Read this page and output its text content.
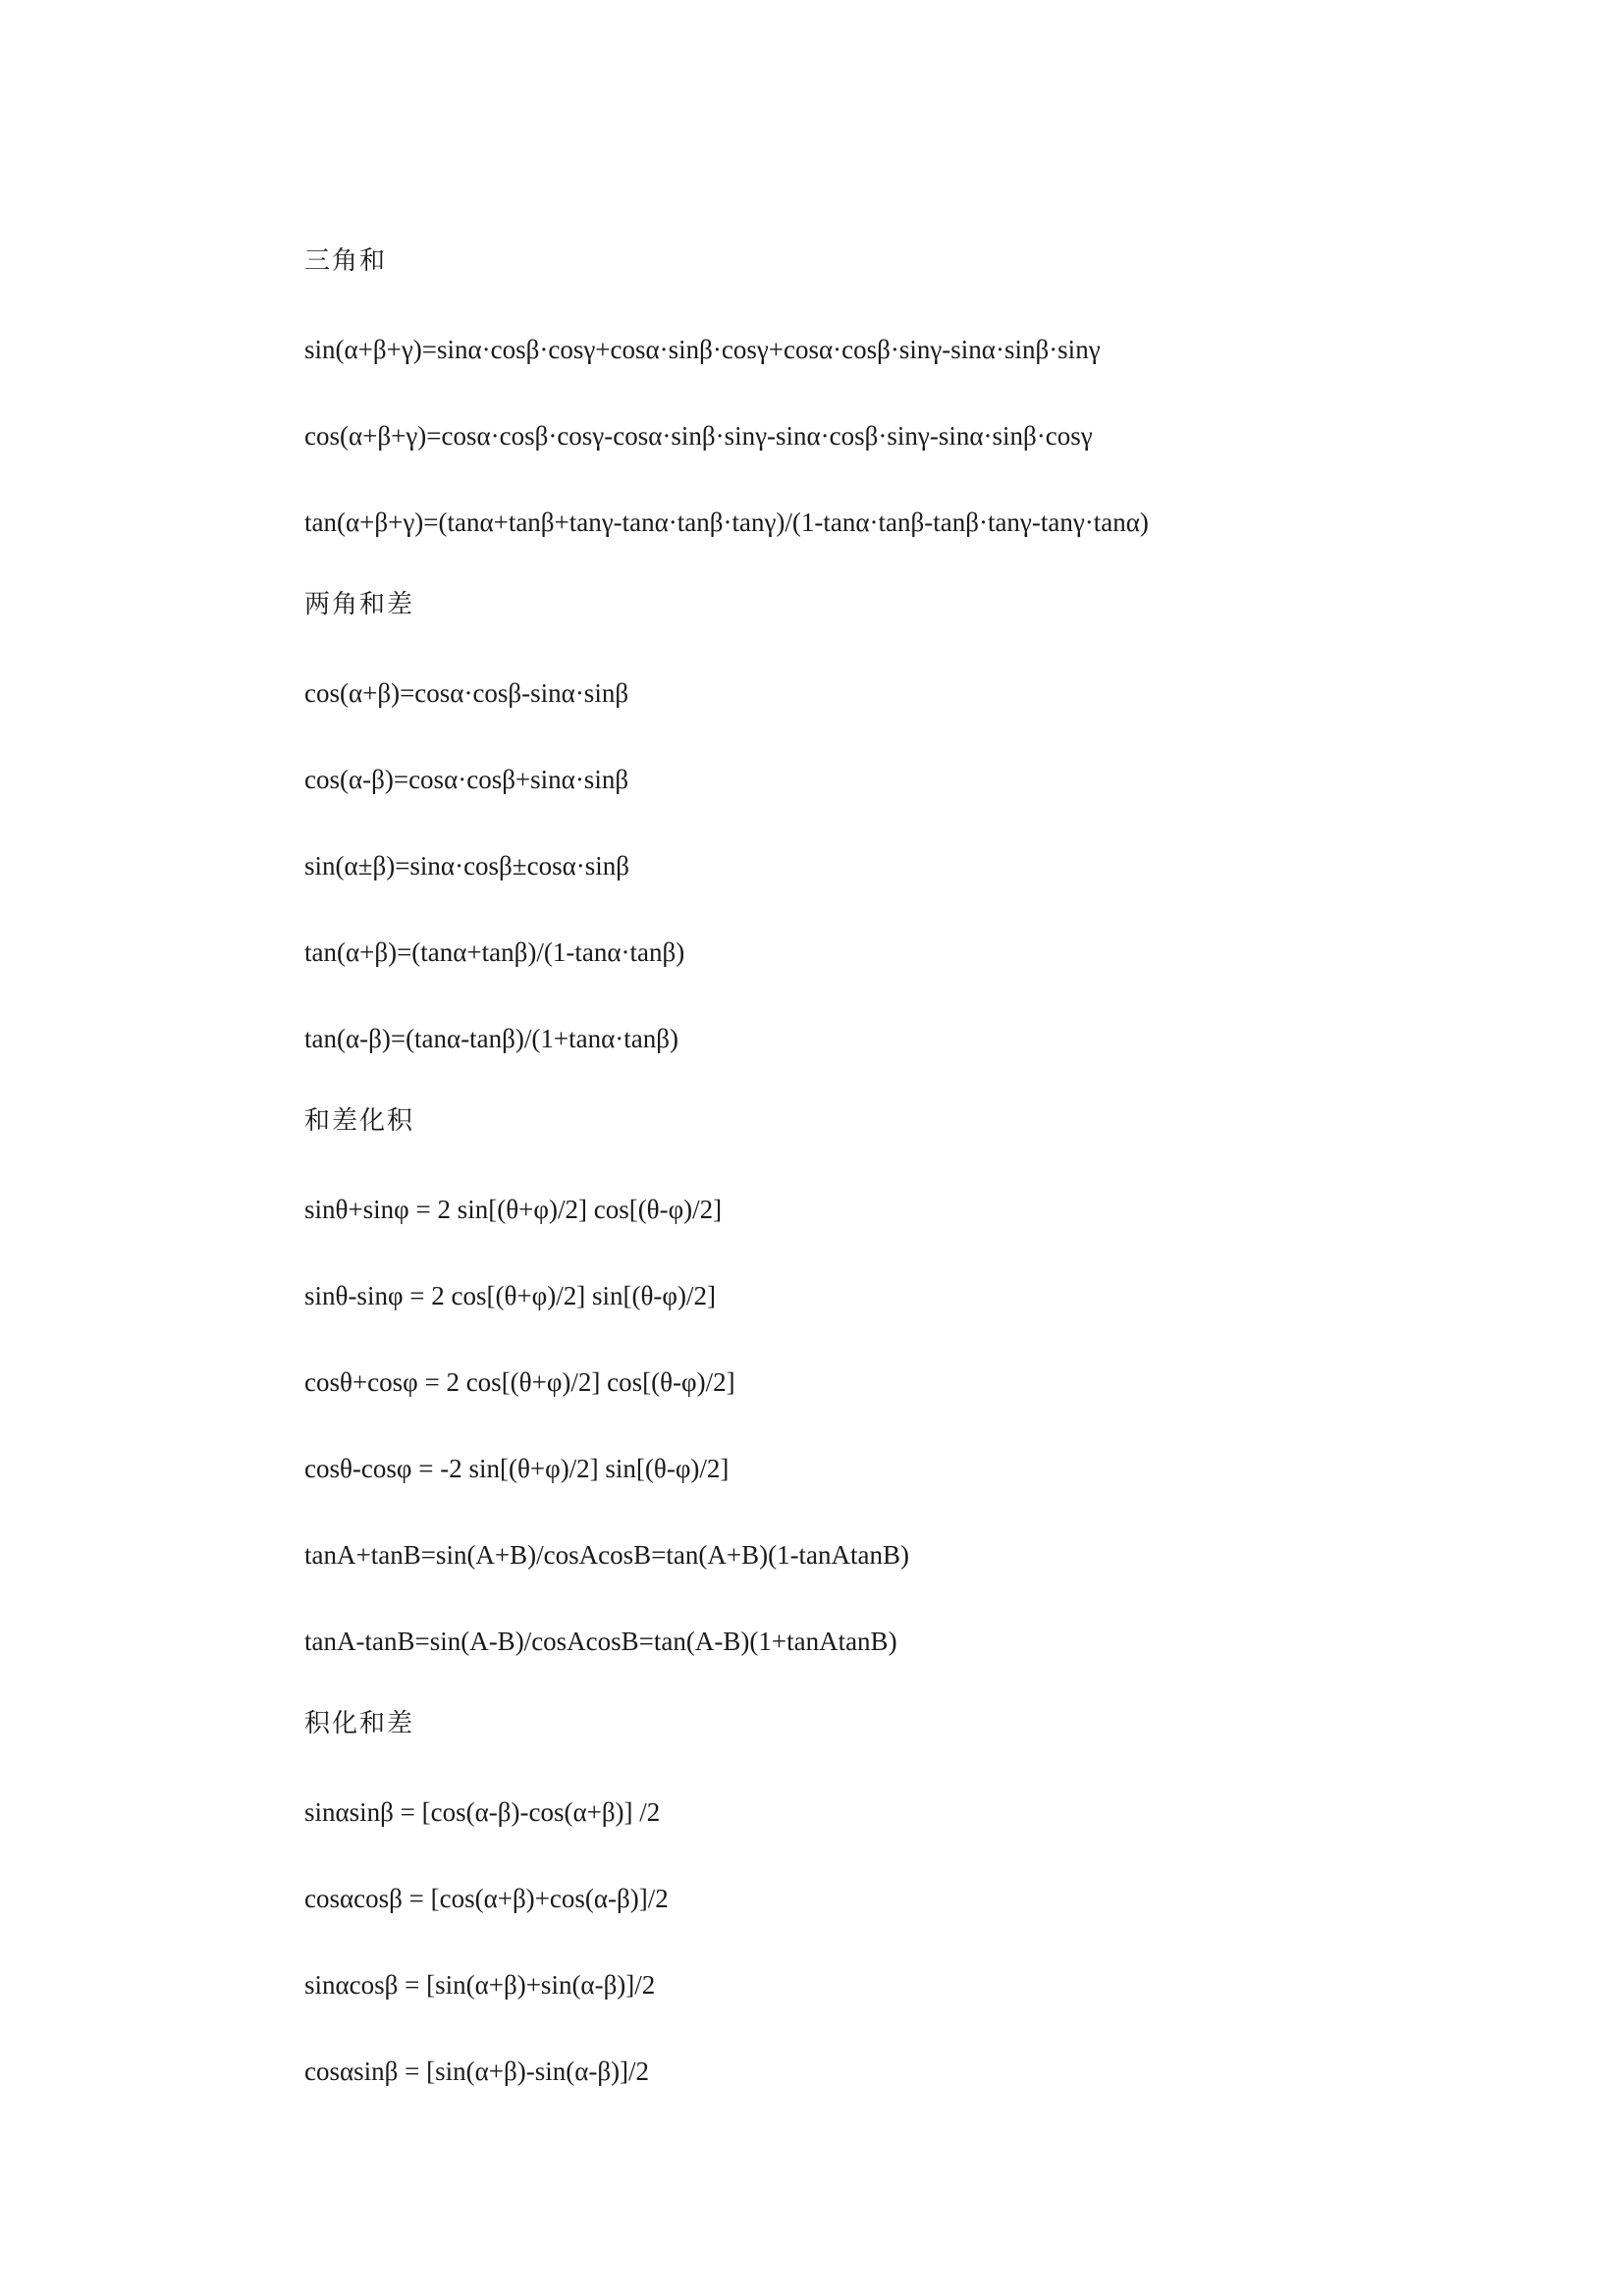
三角和

sin(α+β+γ)=sinα·cosβ·cosγ+cosα·sinβ·cosγ+cosα·cosβ·sinγ-sinα·sinβ·sinγ

cos(α+β+γ)=cosα·cosβ·cosγ-cosα·sinβ·sinγ-sinα·cosβ·sinγ-sinα·sinβ·cosγ

tan(α+β+γ)=(tanα+tanβ+tanγ-tanα·tanβ·tanγ)/(1-tanα·tanβ-tanβ·tanγ-tanγ·tanα)

两角和差

cos(α+β)=cosα·cosβ-sinα·sinβ

cos(α-β)=cosα·cosβ+sinα·sinβ

sin(α±β)=sinα·cosβ±cosα·sinβ

tan(α+β)=(tanα+tanβ)/(1-tanα·tanβ)

tan(α-β)=(tanα-tanβ)/(1+tanα·tanβ)

和差化积

sinθ+sinφ = 2 sin[(θ+φ)/2] cos[(θ-φ)/2]

sinθ-sinφ = 2 cos[(θ+φ)/2] sin[(θ-φ)/2]

cosθ+cosφ = 2 cos[(θ+φ)/2] cos[(θ-φ)/2]

cosθ-cosφ = -2 sin[(θ+φ)/2] sin[(θ-φ)/2]

tanA+tanB=sin(A+B)/cosAcosB=tan(A+B)(1-tanAtanB)

tanA-tanB=sin(A-B)/cosAcosB=tan(A-B)(1+tanAtanB)

积化和差

sinαsinβ = [cos(α-β)-cos(α+β)] /2

cosαcosβ = [cos(α+β)+cos(α-β)]/2

sinαcosβ = [sin(α+β)+sin(α-β)]/2

cosαsinβ = [sin(α+β)-sin(α-β)]/2
